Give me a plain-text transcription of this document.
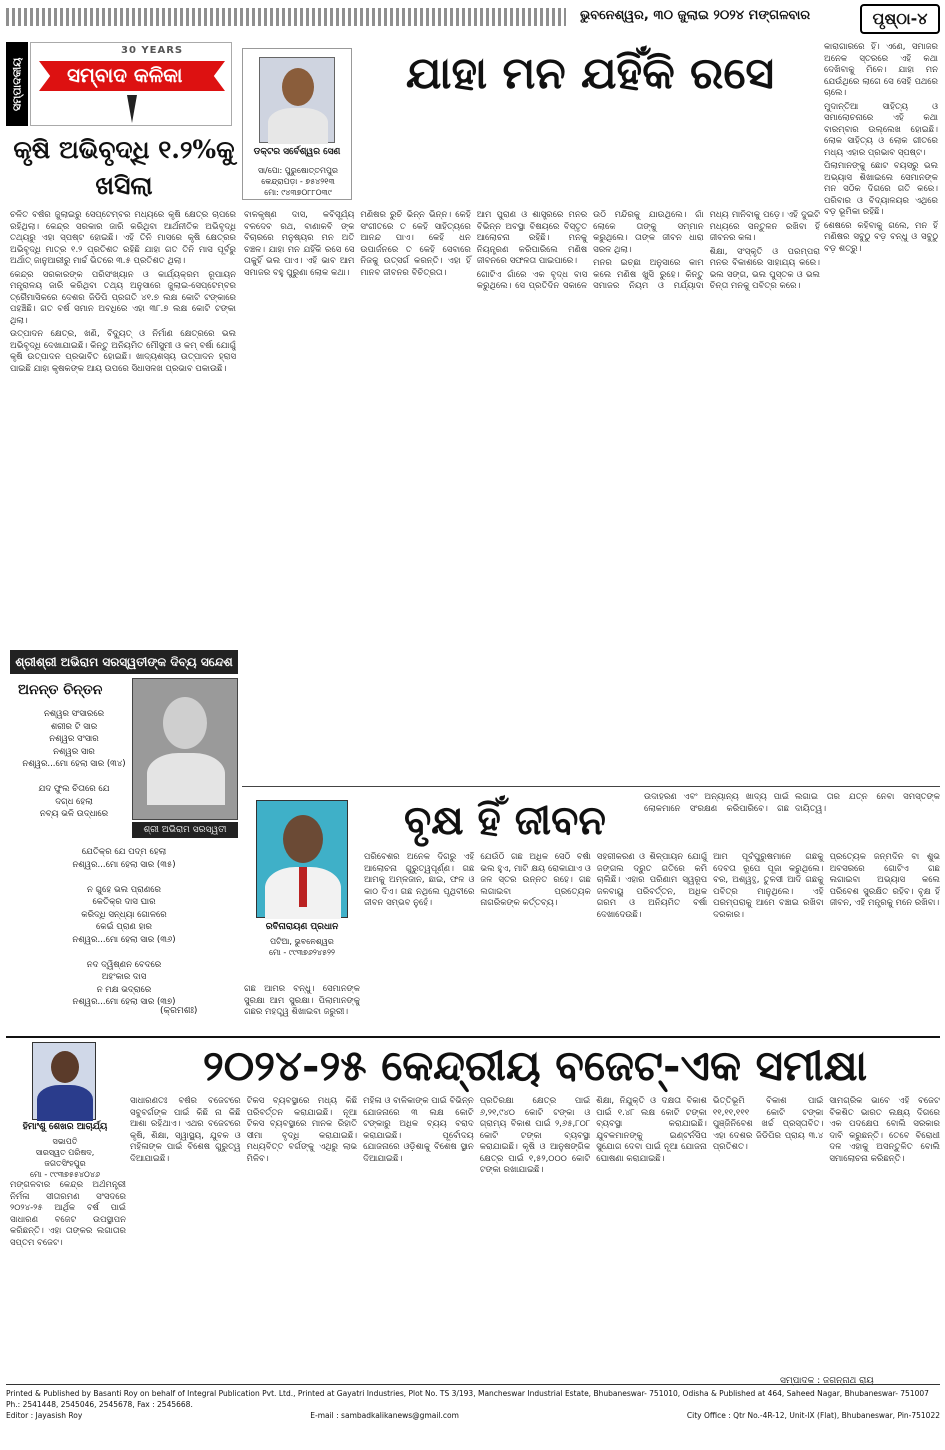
ଭୁବନେଶ୍ୱର, ୩୦ ଜୁଲାଇ ୨୦୨୪ ମଙ୍ଗଳବାର	ପୃଷ୍ଠା-୪
ସମ୍ପାଦକୀୟ
30 YEARS
ସମ୍ବାଦ କଳିକା
କୃଷି ଅଭିବୃଦ୍ଧି ୧.୨%କୁ ଖସିଲା

ଚଳିତ ବର୍ଷର ଜୁଲାଇରୁ ସେପ୍ଟେମ୍ବର ମଧ୍ୟରେ କୃଷି କ୍ଷେତ୍ର ଚାପରେ ରହିଥିଲା। କେନ୍ଦ୍ର ସରକାର ଜାରି କରିଥିବା ଆର୍ଥନୀତିକ ଅଭିବୃଦ୍ଧି ତଥ୍ୟରୁ ଏହା ସ୍ପଷ୍ଟ ହୋଇଛି। ଏହି ତିନି ମାସରେ କୃଷି କ୍ଷେତ୍ରର ଅଭିବୃଦ୍ଧି ମାତ୍ର ୧.୨ ପ୍ରତିଶତ ରହିଛି ଯାହା ଗତ ତିନି ମାସ ପୂର୍ବରୁ ଅର୍ଥାତ୍ ଜାନୁଆରୀରୁ ମାର୍ଚ୍ଚ ଭିତରେ ୩.୫ ପ୍ରତିଶତ ଥିଲା।

କେନ୍ଦ୍ର ସରକାରଙ୍କ ପରିସଂଖ୍ୟାନ ଓ କାର୍ଯ୍ୟକ୍ରମ ରୂପାୟନ ମନ୍ତ୍ରାଳୟ ଜାରି କରିଥିବା ତଥ୍ୟ ଅନୁସାରେ ଜୁଲାଇ-ସେପ୍ଟେମ୍ବର ତ୍ରୈମାସିକରେ ଦେଶର ଜିଡିପି ପ୍ରଗତି ୪୧.୭ ଲକ୍ଷ କୋଟି ଟଙ୍କାରେ ପହଞ୍ଚିଛି। ଗତ ବର୍ଷ ସମାନ ଅବଧିରେ ଏହା ୩୮.୭ ଲକ୍ଷ କୋଟି ଟଙ୍କା ଥିଲା।

ଉତ୍ପାଦନ କ୍ଷେତ୍ର, ଖଣି, ବିଦ୍ୟୁତ୍ ଓ ନିର୍ମାଣ କ୍ଷେତ୍ରରେ ଭଲ ଅଭିବୃଦ୍ଧି ଦେଖାଯାଇଛି। କିନ୍ତୁ ଅନିୟମିତ ମୌସୁମୀ ଓ କମ୍ ବର୍ଷା ଯୋଗୁଁ କୃଷି ଉତ୍ପାଦନ ପ୍ରଭାବିତ ହୋଇଛି। ଖାଦ୍ୟଶସ୍ୟ ଉତ୍ପାଦନ ହ୍ରାସ ପାଇଛି ଯାହା କୃଷକଙ୍କ ଆୟ ଉପରେ ସିଧାସଳଖ ପ୍ରଭାବ ପକାଉଛି।

ଶ୍ରୀଶ୍ରୀ ଅଭିରାମ ସରସ୍ୱତୀଙ୍କ ଦିବ୍ୟ ସନ୍ଦେଶ
ଅନନ୍ତ ଚିନ୍ତନ
ନଶ୍ୱର ସଂସାରରେ
ଶରୀର ଟି ସାର
ନଶ୍ୱର ସଂସାର
ନଶ୍ୱର ସାର
ନଶ୍ୱର...ମୋ ହେଲା ସାର (୩୪)

ଯଦ ଫୁଲ ଚିତାରେ ଯେ
ଦଗ୍ଧ ହେଲା
ନବ୍ୟ ଭଳି ଉଦ୍ଧାରେ
ଶ୍ରୀ ଅଭିରାମ ସରସ୍ୱତୀ
ଯେତିକ୍ର ଯେ ପଦ୍ମ ହେଲା
ନଶ୍ୱର...ମୋ ହେଲା ସାର (୩୫)

ନ ଗୁହେ ଭଲ ପ୍ରାଣରେ
କେତିକ୍ର ଦାସ ଘାର
କରିଦ୍ଧି ସନ୍ଧ୍ୟା ଗୋଳରେ
କେଇଁ ପ୍ରାଣ ହାର
ନଶ୍ୱର...ମୋ ହେଲା ସାର (୩୬)

ନଦ ଦ୍ୱିଷ୍ଣନ ବେଦରେ
ଅହଂକାର ଦାସ
ନ ମକ୍ଷ ଭଦ୍ରାରେ
ନଶ୍ୱର...ମୋ ହେଲା ସାର (୩୭)
(କ୍ରମଶଃ)
ଡକ୍ଟର ସର୍ବେଶ୍ୱର ସେଣ
ସା/ପୋ: ପୁରୁଷୋତ୍ତମପୁର
କେନ୍ଦ୍ରାପଡ଼ା - ୭୫୪୨୧୩
ମୋ: ୯୪୩୭୦୮୮୦୩୯
ଯାହା ମନ ଯହିଁକି ରସେ

ବାଳକୃଷ୍ଣ ଦାସ, କବିସୂର୍ଯ୍ୟ ବଳଦେବ ରଥ, ବାଣାକବି ଙ୍କ ବିଚାରରେ ମନୁଷ୍ୟର ମନ ଅତି ଚଞ୍ଚଳ। ଯାହା ମନ ଯହିଁକି ରସେ ସେ ତାକୁହିଁ ଭଲ ପାଏ। ଏହି ଭାବ ଆମ ସମାଜର ବହୁ ପୁରୁଣା ଲୋକ କଥା।

ମଣିଷର ରୁଚି ଭିନ୍ନ ଭିନ୍ନ। କେହି ସଂଗୀତରେ ତ କେହି ସାହିତ୍ୟରେ ଆନନ୍ଦ ପାଏ। କେହି ଧନ ଉପାର୍ଜନରେ ତ କେହି ସେବାରେ ନିଜକୁ ଉତ୍ସର୍ଗ କରନ୍ତି। ଏହା ହିଁ ମାନବ ଜୀବନର ବିଚିତ୍ରତା।

ଆମ ପୁରାଣ ଓ ଶାସ୍ତ୍ରରେ ମନର ବିଭିନ୍ନ ଅବସ୍ଥା ବିଷୟରେ ବିସ୍ତୃତ ଆଲୋଚନା ରହିଛି। ମନକୁ ନିୟନ୍ତ୍ରଣ କରିପାରିଲେ ମଣିଷ ଜୀବନରେ ସଫଳତା ପାଇପାରେ।

ଗୋଟିଏ ଗାଁରେ ଏକ ବୃଦ୍ଧ ବାସ କରୁଥିଲେ। ସେ ପ୍ରତିଦିନ ସକାଳେ ଉଠି ମନ୍ଦିରକୁ ଯାଉଥିଲେ। ଗାଁ ଲୋକେ ତାଙ୍କୁ ସମ୍ମାନ କରୁଥିଲେ। ତାଙ୍କ ଜୀବନ ଧାରା ସରଳ ଥିଲା।

ମନର ଇଚ୍ଛା ଅନୁସାରେ କାମ କଲେ ମଣିଷ ଖୁସି ରୁହେ। କିନ୍ତୁ ସମାଜର ନିୟମ ଓ ମର୍ଯ୍ୟାଦା ମଧ୍ୟ ମାନିବାକୁ ପଡ଼େ। ଏହି ଦୁଇଟି ମଧ୍ୟରେ ସନ୍ତୁଳନ ରଖିବା ହିଁ ଜୀବନର କଳା।

ଶିକ୍ଷା, ସଂସ୍କୃତି ଓ ପରମ୍ପରା ମନର ବିକାଶରେ ସାହାଯ୍ୟ କରେ। ଭଲ ସଙ୍ଗ, ଭଲ ପୁସ୍ତକ ଓ ଭଲ ଚିନ୍ତା ମନକୁ ପବିତ୍ର କରେ।

କାରାଗାରରେ ହିଁ। ଏଣେ, ସମାଜର ଅନେକ ସ୍ତରରେ ଏହି କଥା ଦେଖିବାକୁ ମିଳେ। ଯାହା ମନ ଯେଉଁଥିରେ ଲାଗେ ସେ ସେହି ପଥରେ ଚାଲେ।

ମୁଦାନ୍ତିଆ ସାହିତ୍ୟ ଓ ସମାଲୋଚନାରେ ଏହି କଥା ବାରମ୍ବାର ଉଲ୍ଲେଖ ହୋଇଛି। ଲୋକ ସାହିତ୍ୟ ଓ ଲୋକ ଗୀତରେ ମଧ୍ୟ ଏହାର ପ୍ରଭାବ ସ୍ପଷ୍ଟ।

ପିଲାମାନଙ୍କୁ ଛୋଟ ବୟସରୁ ଭଲ ଅଭ୍ୟାସ ଶିଖାଇଲେ ସେମାନଙ୍କ ମନ ସଠିକ ଦିଗରେ ଗତି କରେ। ପରିବାର ଓ ବିଦ୍ୟାଳୟର ଏଥିରେ ବଡ଼ ଭୂମିକା ରହିଛି।

ଶେଷରେ କହିବାକୁ ଗଲେ, ମନ ହିଁ ମଣିଷର ସବୁଠୁ ବଡ଼ ବନ୍ଧୁ ଓ ସବୁଠୁ ବଡ଼ ଶତ୍ରୁ।

ରବିନାରାୟଣ ପ୍ରଧାନ
ପଟିଆ, ଭୁବନେଶ୍ୱର
ମୋ - ୯୯୩୭୬୨୪୫୨୨
ବୃକ୍ଷ ହିଁ ଜୀବନ	ଉଦାହରଣ ଏବଂ ଅନ୍ୟାନ୍ୟ ଖାଦ୍ୟ ପାଇଁ ଲୋକମାନେ ସଂରକ୍ଷଣ କରିପାରିବେ। ଗଛ ଲଗାଇ ତାର ଯତ୍ନ ନେବା ସମସ୍ତଙ୍କ ଦାୟିତ୍ୱ।

ଗଛ ଆମର ବନ୍ଧୁ। ସେମାନଙ୍କ ସୁରକ୍ଷା ଆମ ସୁରକ୍ଷା। ପିଲାମାନଙ୍କୁ ଗଛର ମହତ୍ତ୍ୱ ଶିଖାଇବା ଜରୁରୀ।

ପରିବେଶର ଅନେକ ଦିଗରୁ ଏହି ଆଲୋଚନା ଗୁରୁତ୍ୱପୂର୍ଣ୍ଣ। ଗଛ ଆମକୁ ଅମ୍ଳଜାନ, ଛାଇ, ଫଳ ଓ କାଠ ଦିଏ। ଗଛ ନଥିଲେ ପୃଥିବୀରେ ଜୀବନ ସମ୍ଭବ ନୁହେଁ।

ଯେଉଁଠି ଗଛ ଅଧିକ ସେଠି ବର୍ଷା ଭଲ ହୁଏ, ମାଟି କ୍ଷୟ ରୋକାଯାଏ ଓ ଜଳ ସ୍ତର ଉନ୍ନତ ରହେ। ଗଛ ଲଗାଇବା ପ୍ରତ୍ୟେକ ନାଗରିକଙ୍କ କର୍ତ୍ତବ୍ୟ।

ସହରୀକରଣ ଓ ଶିଳ୍ପାୟନ ଯୋଗୁଁ ଜଙ୍ଗଲ ଦ୍ରୁତ ଗତିରେ କମି ଚାଲିଛି। ଏହାର ପରିଣାମ ସ୍ୱରୂପ ଜଳବାୟୁ ପରିବର୍ତ୍ତନ, ଅଧିକ ଗରମ ଓ ଅନିୟମିତ ବର୍ଷା ଦେଖାଦେଉଛି।

ଆମ ପୂର୍ବପୁରୁଷମାନେ ଗଛକୁ ଦେବତା ରୂପେ ପୂଜା କରୁଥିଲେ। ବର, ଅଶ୍ୱତ୍ଥ, ତୁଳସୀ ଆଦି ଗଛକୁ ପବିତ୍ର ମାନୁଥିଲେ। ଏହି ପରମ୍ପରାକୁ ଆମେ ବଞ୍ଚାଇ ରଖିବା ଦରକାର।

ପ୍ରତ୍ୟେକ ଜନ୍ମଦିନ ବା ଶୁଭ ଅବସରରେ ଗୋଟିଏ ଗଛ ଲଗାଇବା ଅଭ୍ୟାସ କଲେ ପରିବେଶ ସୁରକ୍ଷିତ ରହିବ। ବୃକ୍ଷ ହିଁ ଜୀବନ, ଏହି ମନ୍ତ୍ରକୁ ମନେ ରଖିବା।

ହିମାଂଶୁ ଶେଖର ଆଚାର୍ଯ୍ୟ
ସଭାପତି
ସାରସ୍ୱତ ପରିଷଦ,
ଜଗତସିଂହପୁର
ମୋ - ୯୯୩୭୫୫୪୦୪୬
୨୦୨୪-୨୫ କେନ୍ଦ୍ରୀୟ ବଜେଟ୍-ଏକ ସମୀକ୍ଷା

ମଙ୍ଗଳବାର କେନ୍ଦ୍ର ଅର୍ଥମନ୍ତ୍ରୀ ନିର୍ମଳା ସୀତାରମଣ ସଂସଦରେ ୨୦୨୪-୨୫ ଆର୍ଥିକ ବର୍ଷ ପାଇଁ ସାଧାରଣ ବଜେଟ ଉପସ୍ଥାପନ କରିଛନ୍ତି। ଏହା ତାଙ୍କର ଲଗାତାର ସପ୍ତମ ବଜେଟ।

ସାଧାରଣତଃ ବର୍ଷର ବଜେଟରେ ସବୁବର୍ଗଙ୍କ ପାଇଁ କିଛି ନା କିଛି ଆଶା ରହିଥାଏ। ଏଥର ବଜେଟରେ କୃଷି, ଶିକ୍ଷା, ସ୍ୱାସ୍ଥ୍ୟ, ଯୁବକ ଓ ମହିଳାଙ୍କ ପାଇଁ ବିଶେଷ ଗୁରୁତ୍ୱ ଦିଆଯାଇଛି।

ଟିକସ ବ୍ୟବସ୍ଥାରେ ମଧ୍ୟ କିଛି ପରିବର୍ତ୍ତନ କରାଯାଇଛି। ନୂଆ ଟିକସ ବ୍ୟବସ୍ଥାରେ ମାନକ ରିହାତି ସୀମା ବୃଦ୍ଧି କରାଯାଇଛି। ମଧ୍ୟବିତ୍ତ ବର୍ଗଙ୍କୁ ଏଥିରୁ ଲାଭ ମିଳିବ।

ମହିଳା ଓ ବାଳିକାଙ୍କ ପାଇଁ ବିଭିନ୍ନ ଯୋଜନାରେ ୩ ଲକ୍ଷ କୋଟି ଟଙ୍କାରୁ ଅଧିକ ବ୍ୟୟ ବରାଦ କରାଯାଇଛି। ପୂର୍ବୋଦୟ ଯୋଜନାରେ ଓଡ଼ିଶାକୁ ବିଶେଷ ସ୍ଥାନ ଦିଆଯାଇଛି।

ପ୍ରତିରକ୍ଷା କ୍ଷେତ୍ର ପାଇଁ ୬,୨୧,୯୪୦ କୋଟି ଟଙ୍କା ଓ ଗ୍ରାମ୍ୟ ବିକାଶ ପାଇଁ ୨,୬୫,୮୦୮ କୋଟି ଟଙ୍କା ବ୍ୟବସ୍ଥା କରାଯାଇଛି। କୃଷି ଓ ଆନୁଷଙ୍ଗିକ କ୍ଷେତ୍ର ପାଇଁ ୧,୫୨,୦୦୦ କୋଟି ଟଙ୍କା ରଖାଯାଇଛି।

ଶିକ୍ଷା, ନିଯୁକ୍ତି ଓ ଦକ୍ଷତା ବିକାଶ ପାଇଁ ୧.୪୮ ଲକ୍ଷ କୋଟି ଟଙ୍କା ବ୍ୟବସ୍ଥା କରାଯାଇଛି। ଯୁବକମାନଙ୍କୁ ଇଣ୍ଟର୍ନସିପ ସୁଯୋଗ ଦେବା ପାଇଁ ନୂଆ ଯୋଜନା ଘୋଷଣା କରାଯାଇଛି।

ଭିତ୍ତିଭୂମି ବିକାଶ ପାଇଁ ୧୧,୧୧,୧୧୧ କୋଟି ଟଙ୍କା ପୁଞ୍ଜିନିବେଶ ଖର୍ଚ୍ଚ ପ୍ରସ୍ତାବିତ। ଏହା ଦେଶର ଜିଡିପିର ପ୍ରାୟ ୩.୪ ପ୍ରତିଶତ।

ସାମଗ୍ରିକ ଭାବେ ଏହି ବଜେଟ ବିକଶିତ ଭାରତ ଲକ୍ଷ୍ୟ ଦିଗରେ ଏକ ପଦକ୍ଷେପ ବୋଲି ସରକାର ଦାବି କରୁଛନ୍ତି। ତେବେ ବିରୋଧୀ ଦଳ ଏହାକୁ ଅସନ୍ତୁଳିତ ବୋଲି ସମାଲୋଚନା କରିଛନ୍ତି।

ସମ୍ପାଦକ : ଜଗନ୍ନାଥ ରାୟ
Printed & Published by Basanti Roy on behalf of Integral Publication Pvt. Ltd., Printed at Gayatri Industries, Plot No. TS 3/193, Mancheswar Industrial Estate, Bhubaneswar- 751010, Odisha & Published at 464, Saheed Nagar, Bhubaneswar- 751007 Ph.: 2541448, 2545046, 2545678, Fax : 2545668.
Editor : Jayasish Roy	E-mail : sambadkalikanews@gmail.com	City Office : Qtr No.-4R-12, Unit-IX (Flat), Bhubaneswar, Pin-751022
